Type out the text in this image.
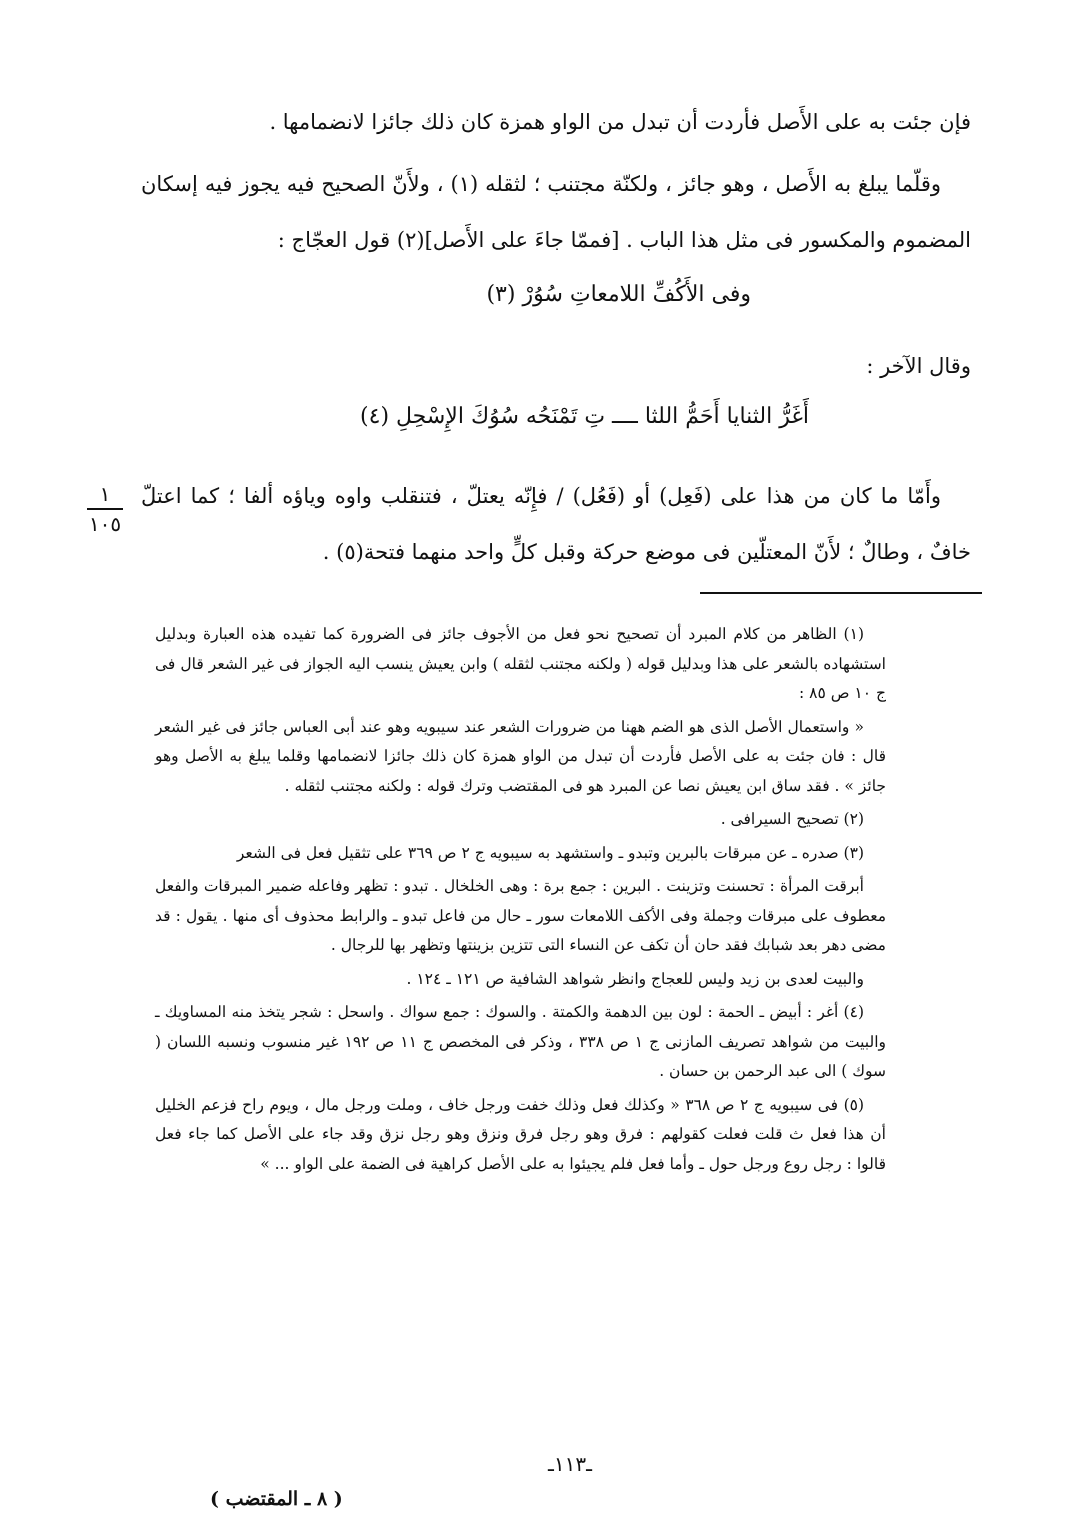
فإن جئت به على الأَصل فأردت أن تبدل من الواو همزة كان ذلك جائزا لانضمامها .

وقلّما يبلغ به الأَصل ، وهو جائز ، ولكنّة مجتنب ؛ لثقله (١) ، ولأَنّ الصحيح فيه يجوز فيه إسكان المضموم والمكسور فى مثل هذا الباب . [فممّا جاءَ على الأَصل](٢) قول العجّاج :

وفى الأَكُفِّ اللامعاتِ سُوُرْ (٣)

وقال الآخر :

أَغَرُّ الثنايا أَحَمُّ اللثا ــــ تِ تَمْنَحُه سُوُكَ الإِسْحِلِ (٤)

وأَمّا ما كان من هذا على (فَعِل) أو (فَعُل) / فإِنّه يعتلّ ، فتنقلب واوه وياؤه ألفا ؛ كما اعتلّ خافٌ ، وطالٌ ؛ لأَنّ المعتلّين فى موضع حركة وقبل كلٍّ واحد منهما فتحة(٥) .

١
١٠٥

(١) الظاهر من كلام المبرد أن تصحيح نحو فعل من الأجوف جائز فى الضرورة كما تفيده هذه العبارة وبدليل استشهاده بالشعر على هذا وبدليل قوله ( ولكنه مجتنب لثقله ) وابن يعيش ينسب اليه الجواز فى غير الشعر قال فى ج ١٠ ص ٨٥ :

« واستعمال الأصل الذى هو الضم ههنا من ضرورات الشعر عند سيبويه وهو عند أبى العباس جائز فى غير الشعر قال : فان جئت به على الأصل فأردت أن تبدل من الواو همزة كان ذلك جائزا لانضمامها وقلما يبلغ به الأصل وهو جائز » . فقد ساق ابن يعيش نصا عن المبرد هو فى المقتضب وترك قوله : ولكنه مجتنب لثقله .

(٢) تصحيح السيرافى .

(٣) صدره ـ عن مبرقات بالبرين وتبدو ـ واستشهد به سيبويه ج ٢ ص ٣٦٩ على تثقيل فعل فى الشعر

أبرقت المرأة : تحسنت وتزينت . البرين : جمع برة : وهى الخلخال . تبدو : تظهر وفاعله ضمير المبرقات والفعل معطوف على مبرقات وجملة وفى الأكف اللامعات سور ـ حال من فاعل تبدو ـ والرابط محذوف أى منها . يقول : قد مضى دهر بعد شبابك فقد حان أن تكف عن النساء التى تتزين بزينتها وتظهر بها للرجال .

والبيت لعدى بن زيد وليس للعجاج وانظر شواهد الشافية ص ١٢١ ـ ١٢٤ .

(٤) أغر : أبيض ـ الحمة : لون بين الدهمة والكمتة . والسوك : جمع سواك . واسحل : شجر يتخذ منه المساويك ـ والبيت من شواهد تصريف المازنى ج ١ ص ٣٣٨ ، وذكر فى المخصص ج ١١ ص ١٩٢ غير منسوب ونسبه اللسان ( سوك ) الى عبد الرحمن بن حسان .

(٥) فى سيبويه ج ٢ ص ٣٦٨ « وكذلك فعل وذلك خفت ورجل خاف ، وملت ورجل مال ، ويوم راح فزعم الخليل أن هذا فعل ث قلت فعلت كقولهم : فرق وهو رجل فرق ونزق وهو رجل نزق وقد جاء على الأصل كما جاء فعل قالوا : رجل روع ورجل حول ـ وأما فعل فلم يجيئوا به على الأصل كراهية فى الضمة على الواو ... »

ـ١١٣ـ
( ٨ ـ المقتضب )
